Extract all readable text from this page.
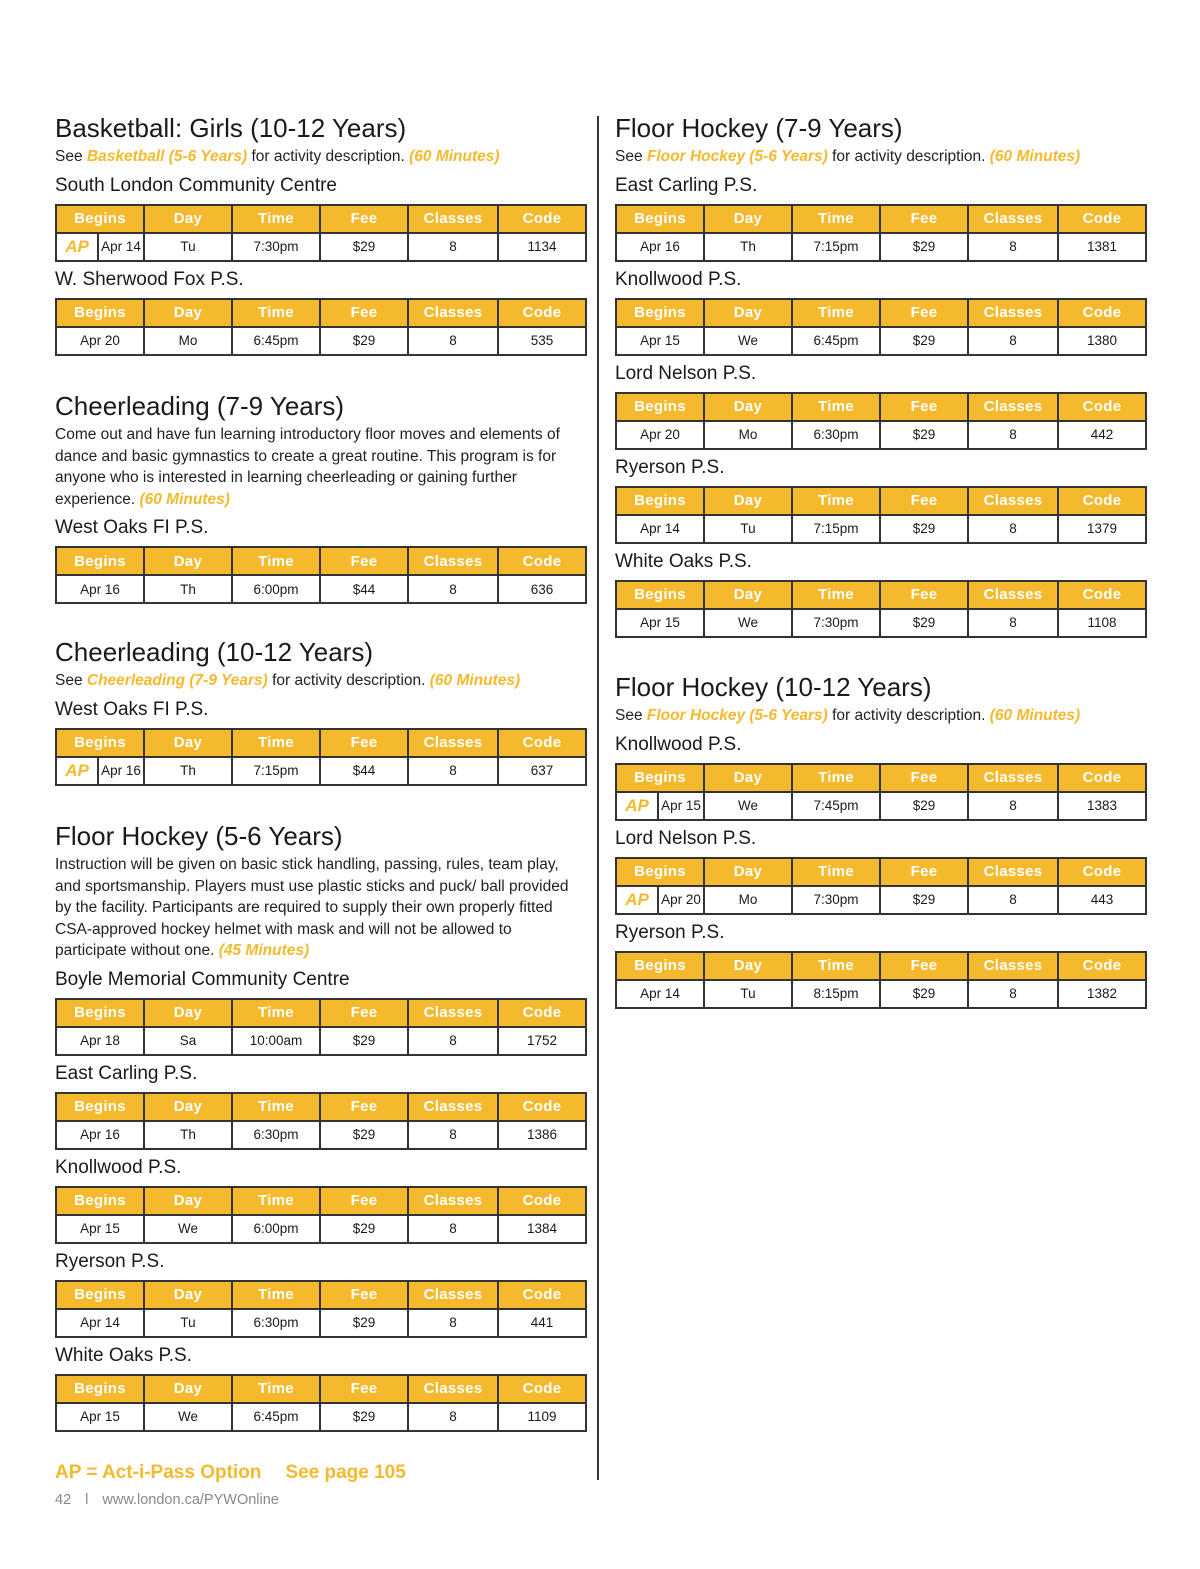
Basketball: Girls (10-12 Years)

See Basketball (5-6 Years) for activity description. (60 Minutes)

South London Community Centre
Begins	Day	Time	Fee	Classes	Code

AP Apr 14	Tu	7:30pm	$29	8	1134
W. Sherwood Fox P.S.
Begins	Day	Time	Fee	Classes	Code
Apr 20	Mo	6:45pm	$29	8	535
Cheerleading (7-9 Years)

Come out and have fun learning introductory floor moves and elements of dance and basic gymnastics to create a great routine. This program is for anyone who is interested in learning cheerleading or gaining further experience. (60 Minutes)

West Oaks FI P.S.
Begins	Day	Time	Fee	Classes	Code
Apr 16	Th	6:00pm	$44	8	636
Cheerleading (10-12 Years)

See Cheerleading (7-9 Years) for activity description. (60 Minutes)

West Oaks FI P.S.
Begins	Day	Time	Fee	Classes	Code

AP Apr 16	Th	7:15pm	$44	8	637
Floor Hockey (5-6 Years)

Instruction will be given on basic stick handling, passing, rules, team play, and sportsmanship. Players must use plastic sticks and puck/ ball provided by the facility. Participants are required to supply their own properly fitted CSA-approved hockey helmet with mask and will not be allowed to participate without one. (45 Minutes)

Boyle Memorial Community Centre
Begins	Day	Time	Fee	Classes	Code
Apr 18	Sa	10:00am	$29	8	1752
East Carling P.S.
Begins	Day	Time	Fee	Classes	Code
Apr 16	Th	6:30pm	$29	8	1386
Knollwood P.S.
Begins	Day	Time	Fee	Classes	Code
Apr 15	We	6:00pm	$29	8	1384
Ryerson P.S.
Begins	Day	Time	Fee	Classes	Code
Apr 14	Tu	6:30pm	$29	8	441
White Oaks P.S.
Begins	Day	Time	Fee	Classes	Code
Apr 15	We	6:45pm	$29	8	1109
Floor Hockey (7-9 Years)

See Floor Hockey (5-6 Years) for activity description. (60 Minutes)

East Carling P.S.
Begins	Day	Time	Fee	Classes	Code
Apr 16	Th	7:15pm	$29	8	1381
Knollwood P.S.
Begins	Day	Time	Fee	Classes	Code
Apr 15	We	6:45pm	$29	8	1380
Lord Nelson P.S.
Begins	Day	Time	Fee	Classes	Code
Apr 20	Mo	6:30pm	$29	8	442
Ryerson P.S.
Begins	Day	Time	Fee	Classes	Code
Apr 14	Tu	7:15pm	$29	8	1379
White Oaks P.S.
Begins	Day	Time	Fee	Classes	Code
Apr 15	We	7:30pm	$29	8	1108
Floor Hockey (10-12 Years)

See Floor Hockey (5-6 Years) for activity description. (60 Minutes)

Knollwood P.S.
Begins	Day	Time	Fee	Classes	Code

AP Apr 15	We	7:45pm	$29	8	1383
Lord Nelson P.S.
Begins	Day	Time	Fee	Classes	Code

AP Apr 20	Mo	7:30pm	$29	8	443
Ryerson P.S.
Begins	Day	Time	Fee	Classes	Code
Apr 14	Tu	8:15pm	$29	8	1382
AP = Act-i-Pass Option See page 105
42 l www.london.ca/PYWOnline
